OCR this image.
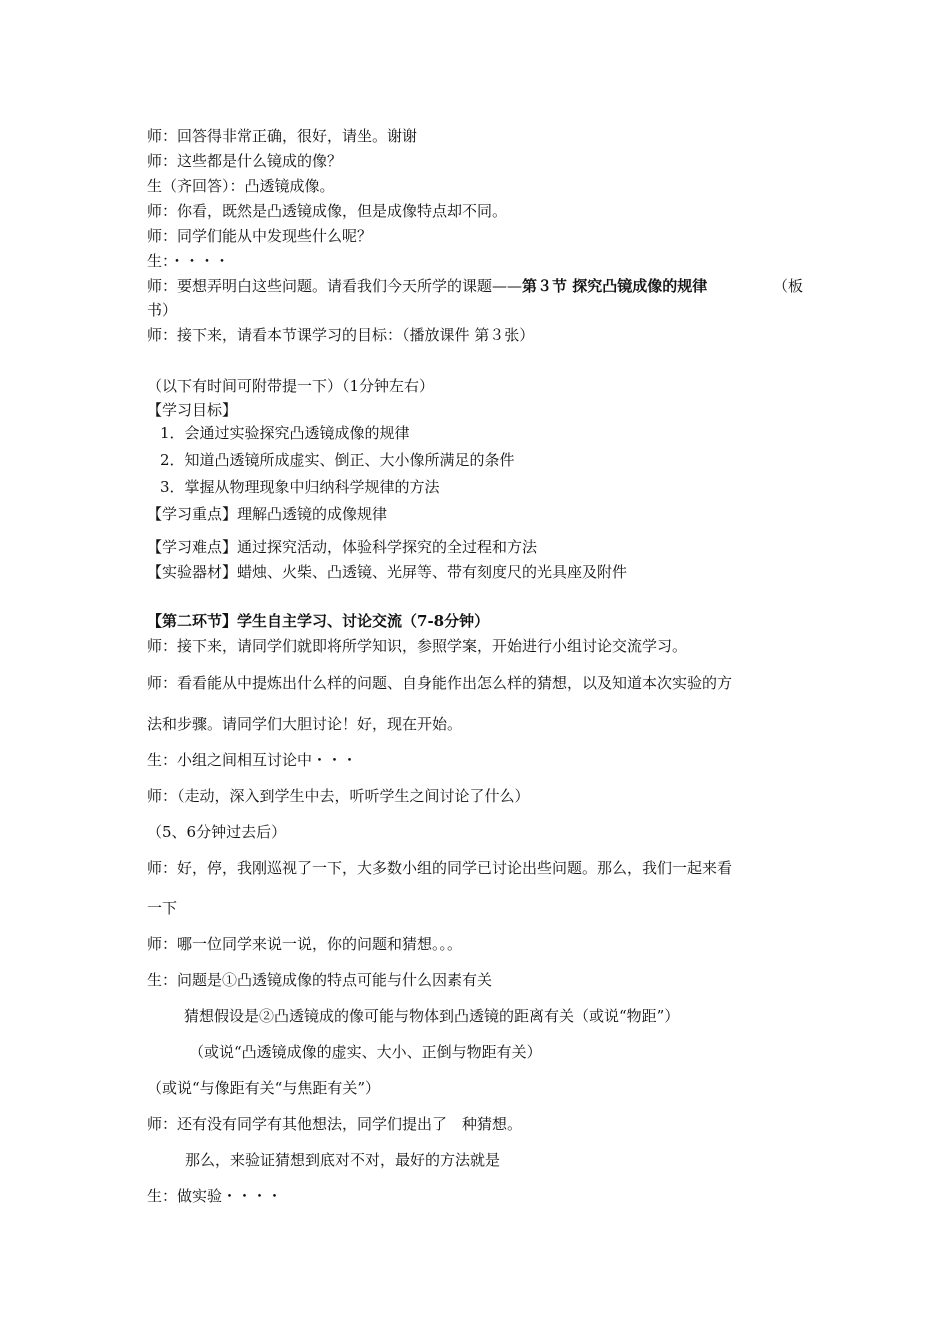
师：回答得非常正确，很好，请坐。谢谢
师：这些都是什么镜成的像？
生（齐回答）：凸透镜成像。
师：你看，既然是凸透镜成像，但是成像特点却不同。
师：同学们能从中发现些什么呢？
生：・・・・
师：要想弄明白这些问题。请看我们今天所学的课题——第３节 探究凸镜成像的规律	（板
书）
师：接下来，请看本节课学习的目标：（播放课件 第３张）
（以下有时间可附带提一下）（1分钟左右）
【学习目标】
1．会通过实验探究凸透镜成像的规律
2．知道凸透镜所成虚实、倒正、大小像所满足的条件
3．掌握从物理现象中归纳科学规律的方法
【学习重点】理解凸透镜的成像规律
【学习难点】通过探究活动，体验科学探究的全过程和方法
【实验器材】蜡烛、火柴、凸透镜、光屏等、带有刻度尺的光具座及附件
【第二环节】学生自主学习、讨论交流（7-8分钟）
师：接下来，请同学们就即将所学知识，参照学案，开始进行小组讨论交流学习。
师：看看能从中提炼出什么样的问题、自身能作出怎么样的猜想，以及知道本次实验的方
法和步骤。请同学们大胆讨论！好，现在开始。
生：小组之间相互讨论中・・・
师：（走动，深入到学生中去，听听学生之间讨论了什么）
（5、6分钟过去后）
师：好，停，我刚巡视了一下，大多数小组的同学已讨论出些问题。那么，我们一起来看
一下
师：哪一位同学来说一说，你的问题和猜想。。。
生：问题是①凸透镜成像的特点可能与什么因素有关
猜想假设是②凸透镜成的像可能与物体到凸透镜的距离有关（或说“物距”）
（或说“凸透镜成像的虚实、大小、正倒与物距有关）
（或说“与像距有关“与焦距有关”）
师：还有没有同学有其他想法，同学们提出了　种猜想。
那么，来验证猜想到底对不对，最好的方法就是
生：做实验・・・・
